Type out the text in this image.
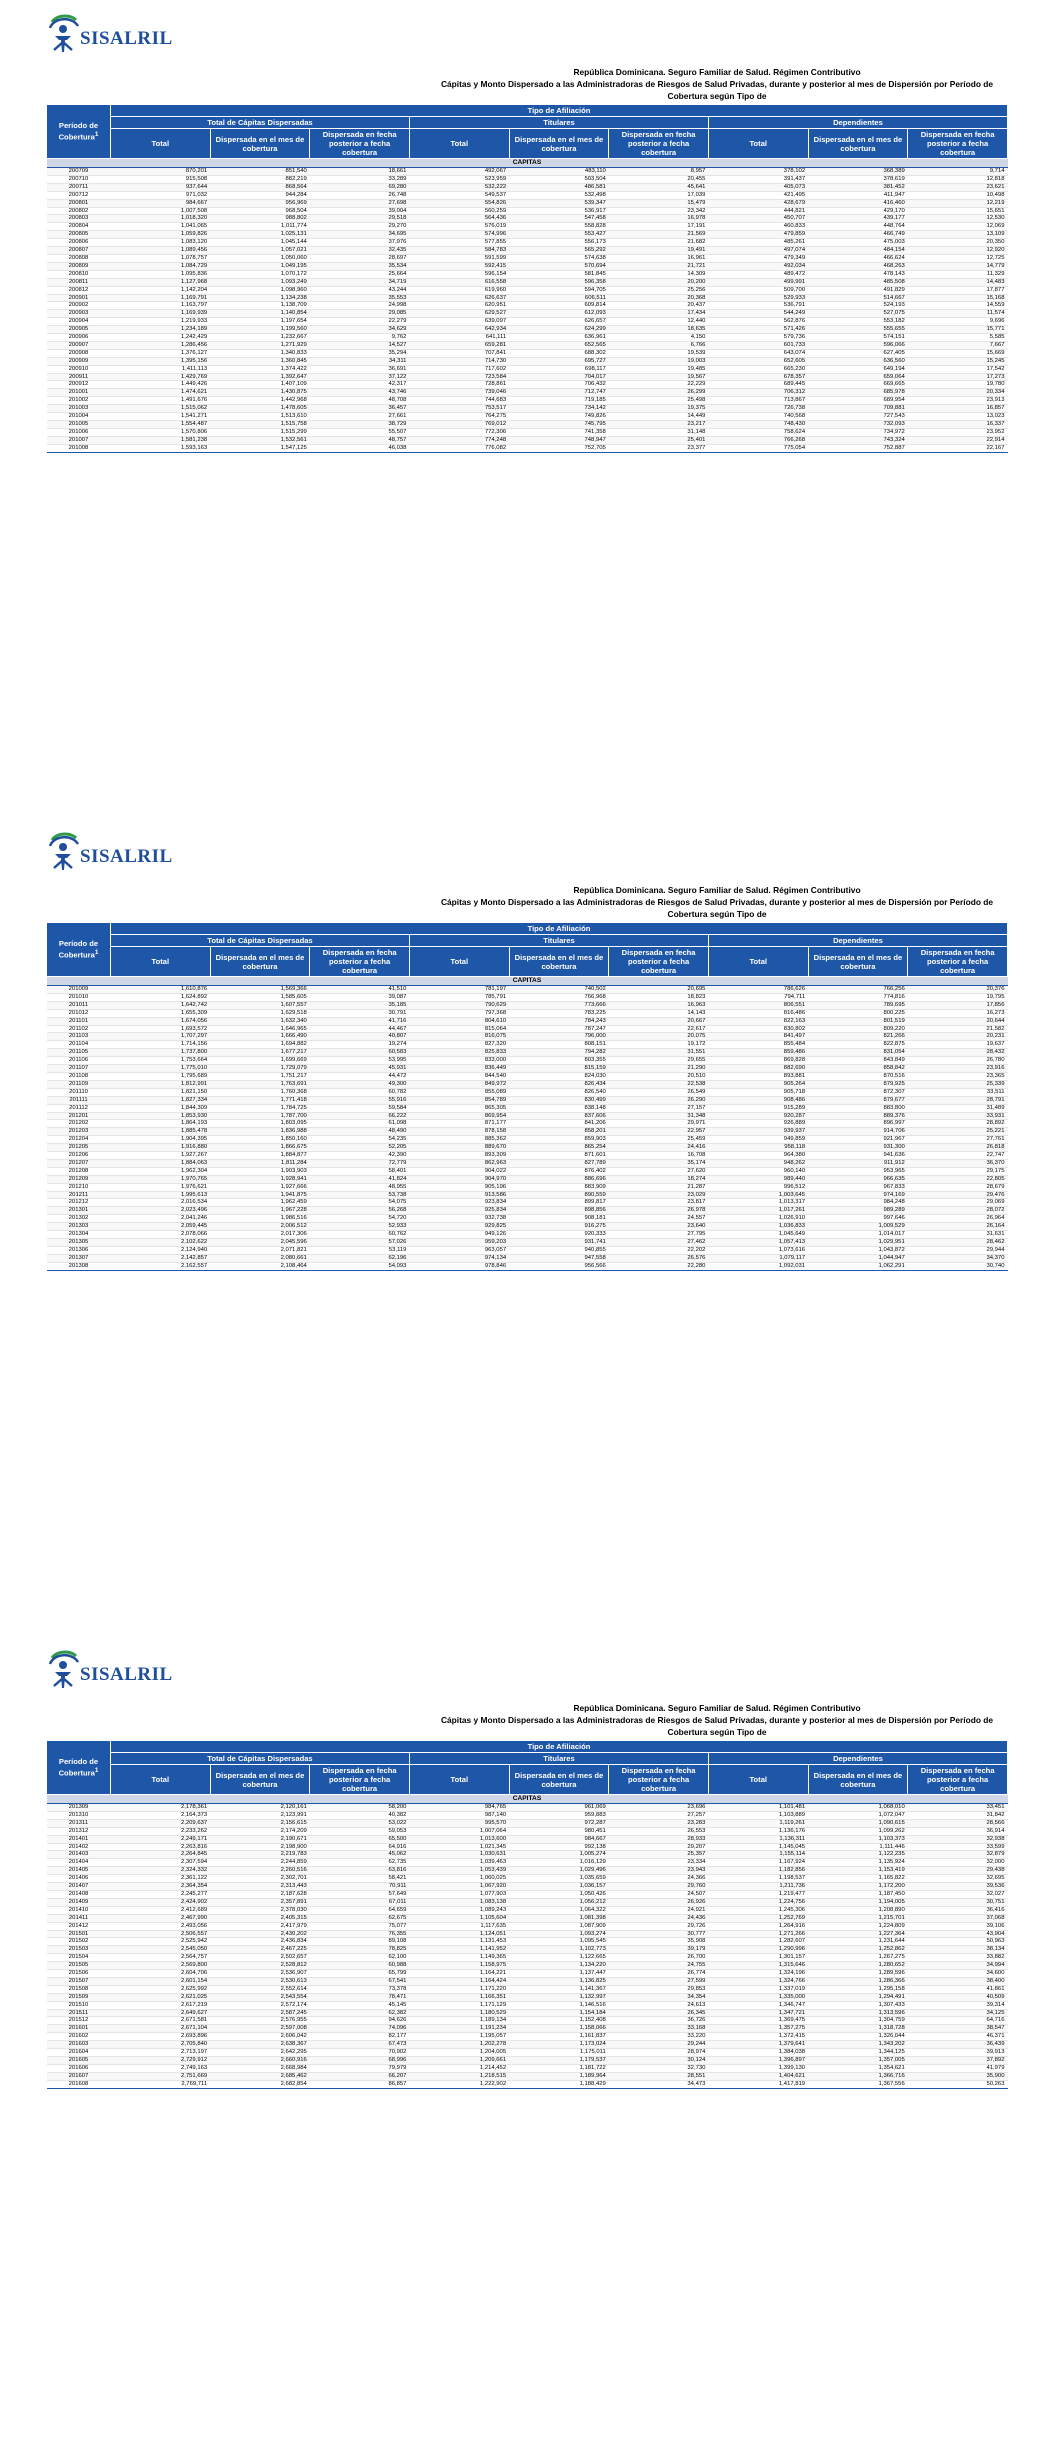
SISALRIL
República Dominicana. Seguro Familiar de Salud. Régimen Contributivo
Cápitas y Monto Dispersado a las Administradoras de Riesgos de Salud Privadas, durante y posterior al mes de Dispersión por Período de Cobertura según Tipo de
Período de Cobertura$^1$	Tipo de Afiliación								
	Total de Cápitas Dispersadas			Titulares			Dependientes		
	Total	Dispersada en el mes de cobertura	Dispersada en fecha posterior a fecha cobertura	Total	Dispersada en el mes de cobertura	Dispersada en fecha posterior a fecha cobertura	Total	Dispersada en el mes de cobertura	Dispersada en fecha posterior a fecha cobertura
CÁPITAS									
200709	870,201	851,540	18,661	492,067	483,110	8,957	378,102	368,389	9,714
200710	915,508	882,219	33,289	523,959	503,504	20,455	391,437	378,619	12,818
200711	937,644	868,564	69,280	532,222	486,581	45,641	405,073	381,452	23,621
200712	971,032	944,284	26,748	549,537	532,498	17,039	421,495	411,947	10,498
200801	984,667	956,969	27,698	554,826	539,347	15,479	428,679	416,460	12,219
200802	1,007,508	968,504	39,004	560,259	536,917	23,342	444,821	429,170	15,651
200803	1,018,320	988,802	29,518	564,436	547,458	16,978	450,707	439,177	12,530
200804	1,041,065	1,011,774	29,270	576,019	558,828	17,191	460,833	448,764	12,069
200805	1,059,826	1,025,131	34,695	574,996	553,427	21,569	479,859	466,749	13,109
200806	1,083,120	1,045,144	37,976	577,855	556,173	21,682	485,261	475,003	20,350
200807	1,089,456	1,057,021	32,435	584,783	565,292	19,491	497,074	484,154	12,920
200808	1,078,757	1,050,060	28,697	591,599	574,638	16,961	479,349	466,624	12,725
200809	1,084,729	1,049,195	35,534	592,415	570,694	21,721	492,034	468,263	14,779
200810	1,095,836	1,070,172	25,664	596,154	581,845	14,309	489,472	478,143	11,329
200811	1,127,968	1,093,249	34,719	616,558	596,358	20,200	499,991	485,508	14,483
200812	1,142,204	1,098,960	43,244	619,960	594,705	25,256	509,700	491,829	17,877
200901	1,169,791	1,134,238	35,553	626,637	606,511	20,368	529,933	514,667	15,168
200902	1,163,797	1,138,709	24,998	620,951	609,814	20,437	536,791	524,193	14,559
200903	1,169,939	1,140,854	29,085	629,527	612,093	17,434	544,249	527,075	11,574
200904	1,219,933	1,197,654	22,279	639,097	626,657	12,440	562,876	553,182	9,696
200905	1,234,189	1,199,560	34,629	642,934	624,299	18,635	571,426	555,655	15,771
200906	1,242,429	1,232,667	9,762	641,111	636,961	4,150	579,736	574,151	5,585
200907	1,286,456	1,271,929	14,527	659,281	652,565	6,766	601,733	596,066	7,667
200908	1,376,127	1,340,833	35,294	707,841	688,302	19,539	643,074	627,405	15,669
200909	1,395,156	1,360,845	34,311	714,730	695,727	19,003	652,605	636,560	15,245
200910	1,411,113	1,374,422	36,691	717,602	698,117	19,485	665,230	649,194	17,542
200911	1,429,769	1,392,647	37,122	723,584	704,017	19,567	678,357	659,064	17,273
200912	1,449,426	1,407,109	42,317	728,861	706,432	22,229	689,445	669,665	19,780
201001	1,474,621	1,430,875	43,746	739,046	712,747	26,299	706,312	685,978	20,334
201002	1,491,676	1,442,968	48,708	744,683	719,185	25,498	713,867	689,954	23,913
201003	1,515,062	1,478,605	36,457	753,517	734,142	19,375	726,738	709,881	16,857
201004	1,541,271	1,513,610	27,661	764,275	749,826	14,449	740,568	727,543	13,023
201005	1,554,487	1,515,758	38,729	769,012	745,795	23,217	748,430	732,093	16,337
201006	1,570,806	1,515,299	55,507	772,306	741,358	31,148	758,624	734,972	23,952
201007	1,581,238	1,532,561	48,757	774,248	748,947	25,401	766,268	743,324	22,914
201008	1,593,163	1,547,125	46,038	776,082	752,705	23,377	775,054	752,887	22,167
SISALRIL
República Dominicana. Seguro Familiar de Salud. Régimen Contributivo
Cápitas y Monto Dispersado a las Administradoras de Riesgos de Salud Privadas, durante y posterior al mes de Dispersión por Período de Cobertura según Tipo de
Período de Cobertura$^1$	Tipo de Afiliación								
	Total de Cápitas Dispersadas			Titulares			Dependientes		
	Total	Dispersada en el mes de cobertura	Dispersada en fecha posterior a fecha cobertura	Total	Dispersada en el mes de cobertura	Dispersada en fecha posterior a fecha cobertura	Total	Dispersada en el mes de cobertura	Dispersada en fecha posterior a fecha cobertura
CÁPITAS									
201009	1,610,876	1,569,366	41,510	781,197	740,502	20,695	786,626	766,256	20,376
201010	1,624,892	1,585,605	39,087	785,791	766,968	18,823	794,711	774,816	19,795
201011	1,642,742	1,607,557	35,185	790,629	773,666	16,963	806,551	789,695	17,856
201012	1,655,309	1,629,518	30,791	797,368	783,225	14,143	816,486	800,225	16,273
201101	1,674,056	1,632,340	41,716	804,610	784,243	20,667	822,163	801,519	20,644
201102	1,693,572	1,646,965	44,467	815,064	787,247	22,617	830,802	809,220	21,582
201103	1,707,297	1,666,490	40,807	816,075	796,000	20,075	841,497	821,266	20,231
201104	1,714,156	1,694,882	19,274	827,320	808,151	19,172	855,484	822,875	19,637
201105	1,737,800	1,677,217	60,583	825,833	794,282	31,551	859,486	831,054	28,432
201106	1,753,664	1,699,669	53,995	833,000	803,355	29,655	869,828	843,849	26,780
201107	1,775,010	1,729,079	45,931	836,449	815,159	21,290	882,690	858,842	23,916
201108	1,795,689	1,751,217	44,472	844,540	824,030	20,510	893,881	870,516	23,365
201109	1,812,991	1,763,691	49,300	849,972	826,434	22,538	905,264	879,925	25,339
201110	1,821,150	1,760,368	60,782	855,089	826,540	26,549	905,718	872,307	33,511
201111	1,827,334	1,771,418	55,916	854,789	830,499	26,290	908,486	879,677	28,791
201112	1,844,309	1,784,725	59,584	865,305	838,148	27,157	915,289	883,800	31,489
201201	1,853,930	1,787,700	66,222	869,954	837,606	31,348	920,287	889,376	33,931
201202	1,864,193	1,803,095	61,098	871,177	841,206	29,971	926,889	896,997	28,892
201203	1,885,478	1,836,988	48,490	878,158	858,201	22,957	939,937	914,706	25,221
201204	1,904,395	1,850,160	54,235	885,362	859,903	25,459	949,859	921,967	27,761
201205	1,916,880	1,866,675	52,205	889,670	865,254	24,416	958,118	931,300	26,818
201206	1,927,267	1,884,877	42,390	893,309	871,601	16,708	964,380	941,636	22,747
201207	1,884,063	1,811,284	72,779	862,963	827,789	35,174	948,262	911,912	36,370
201208	1,962,304	1,903,903	58,401	904,022	876,402	27,620	960,140	953,965	29,175
201209	1,970,765	1,928,941	41,824	904,970	886,696	18,274	989,440	966,635	22,805
201210	1,976,621	1,927,666	48,955	905,196	883,909	21,287	996,512	967,833	28,679
201211	1,995,613	1,941,875	53,738	913,586	890,559	23,029	1,003,645	974,169	29,476
201212	2,016,534	1,962,459	54,075	923,834	899,817	23,817	1,013,317	984,248	29,069
201301	2,023,496	1,967,228	56,268	925,834	898,856	26,978	1,017,261	989,289	28,072
201302	2,041,246	1,986,516	54,720	932,738	908,181	24,557	1,026,910	997,646	26,964
201303	2,059,445	2,006,512	52,933	929,825	916,275	23,640	1,036,833	1,009,529	26,164
201304	2,078,066	2,017,306	60,762	949,126	920,333	27,795	1,045,649	1,014,017	31,631
201305	2,102,622	2,045,596	57,026	959,203	931,741	27,462	1,057,413	1,029,951	28,462
201306	2,124,940	2,071,821	53,119	963,057	940,855	22,202	1,073,616	1,043,872	29,944
201307	2,142,857	2,080,661	62,196	974,134	947,558	26,576	1,079,117	1,044,947	34,370
201308	2,162,557	2,108,464	54,093	978,846	956,566	22,280	1,092,031	1,062,291	30,740
SISALRIL
República Dominicana. Seguro Familiar de Salud. Régimen Contributivo
Cápitas y Monto Dispersado a las Administradoras de Riesgos de Salud Privadas, durante y posterior al mes de Dispersión por Período de Cobertura según Tipo de
Período de Cobertura$^1$	Tipo de Afiliación								
	Total de Cápitas Dispersadas			Titulares			Dependientes		
	Total	Dispersada en el mes de cobertura	Dispersada en fecha posterior a fecha cobertura	Total	Dispersada en el mes de cobertura	Dispersada en fecha posterior a fecha cobertura	Total	Dispersada en el mes de cobertura	Dispersada en fecha posterior a fecha cobertura
CÁPITAS									
201309	2,178,361	2,120,161	58,200	984,765	961,069	23,696	1,101,481	1,068,010	33,451
201310	2,164,373	2,123,991	40,382	987,140	959,883	27,257	1,103,889	1,072,047	31,842
201311	2,209,637	2,156,615	53,022	995,570	972,287	23,283	1,119,261	1,090,615	28,566
201312	2,233,262	2,174,209	59,053	1,007,064	980,451	26,553	1,136,176	1,099,262	36,914
201401	2,249,171	2,190,671	65,500	1,013,600	984,667	28,933	1,136,311	1,103,373	32,938
201402	2,263,816	2,198,900	64,916	1,021,345	992,138	29,207	1,145,045	1,111,446	33,599
201403	2,264,845	2,219,783	45,062	1,030,631	1,005,274	25,357	1,155,114	1,122,235	32,879
201404	2,307,594	2,244,859	62,735	1,039,463	1,016,129	23,334	1,167,924	1,135,924	32,000
201405	2,324,332	2,260,516	63,816	1,053,439	1,029,496	23,943	1,182,856	1,153,419	29,438
201406	2,361,122	2,302,701	58,421	1,060,025	1,035,659	24,366	1,198,537	1,165,822	32,695
201407	2,364,354	2,313,443	70,911	1,067,920	1,036,157	29,760	1,211,736	1,172,200	39,536
201408	2,245,277	2,187,628	57,649	1,077,903	1,050,426	24,507	1,219,477	1,187,450	32,027
201409	2,424,902	2,357,891	67,011	1,083,138	1,056,212	26,926	1,224,756	1,194,005	30,751
201410	2,412,689	2,378,030	64,659	1,089,243	1,064,322	24,921	1,245,306	1,208,890	36,416
201411	2,467,990	2,405,315	62,675	1,105,604	1,081,398	24,436	1,252,769	1,215,701	37,068
201412	2,493,056	2,417,979	75,077	1,117,635	1,087,909	29,726	1,264,916	1,224,809	39,106
201501	2,506,557	2,430,202	76,355	1,124,051	1,093,274	30,777	1,271,266	1,227,364	43,904
201502	2,525,942	2,436,834	89,108	1,131,453	1,095,545	35,908	1,282,607	1,231,644	50,963
201503	2,545,050	2,467,225	78,825	1,141,952	1,102,773	39,179	1,290,996	1,252,862	38,134
201504	2,564,757	2,502,657	62,100	1,149,365	1,122,665	26,700	1,301,157	1,267,275	33,882
201505	2,569,800	2,528,812	60,988	1,158,975	1,134,220	24,755	1,315,646	1,280,652	34,994
201506	2,604,706	2,536,907	65,799	1,164,221	1,137,447	26,774	1,324,196	1,289,596	34,600
201507	2,601,154	2,530,613	67,541	1,164,424	1,136,825	27,599	1,324,766	1,286,366	38,400
201508	2,625,992	2,552,614	73,378	1,171,220	1,141,367	29,853	1,337,019	1,295,158	41,861
201509	2,621,025	2,543,554	78,471	1,166,351	1,132,997	34,354	1,335,000	1,294,491	40,509
201510	2,617,219	2,572,174	45,145	1,171,129	1,146,516	24,613	1,346,747	1,307,433	39,314
201511	2,649,627	2,587,245	62,382	1,180,529	1,154,184	26,345	1,347,721	1,313,596	34,125
201512	2,671,581	2,576,955	94,626	1,189,134	1,152,408	36,726	1,369,475	1,304,759	64,716
201601	2,671,104	2,597,008	74,096	1,191,234	1,158,066	33,168	1,357,275	1,318,728	38,547
201602	2,693,896	2,606,042	82,177	1,195,057	1,161,837	33,220	1,372,415	1,326,044	46,371
201603	2,705,840	2,638,367	67,473	1,202,278	1,173,024	29,244	1,379,641	1,343,202	36,439
201604	2,713,197	2,642,295	70,902	1,204,005	1,175,011	28,974	1,384,038	1,344,125	39,913
201605	2,729,912	2,660,916	68,996	1,209,661	1,179,537	30,124	1,396,897	1,357,005	37,892
201606	2,749,163	2,668,984	79,979	1,214,452	1,181,722	32,730	1,399,130	1,354,621	41,979
201607	2,751,669	2,685,462	66,207	1,218,515	1,189,964	28,551	1,404,621	1,366,716	35,900
201608	2,769,711	2,682,854	86,857	1,222,902	1,188,429	34,473	1,417,819	1,367,556	50,263
